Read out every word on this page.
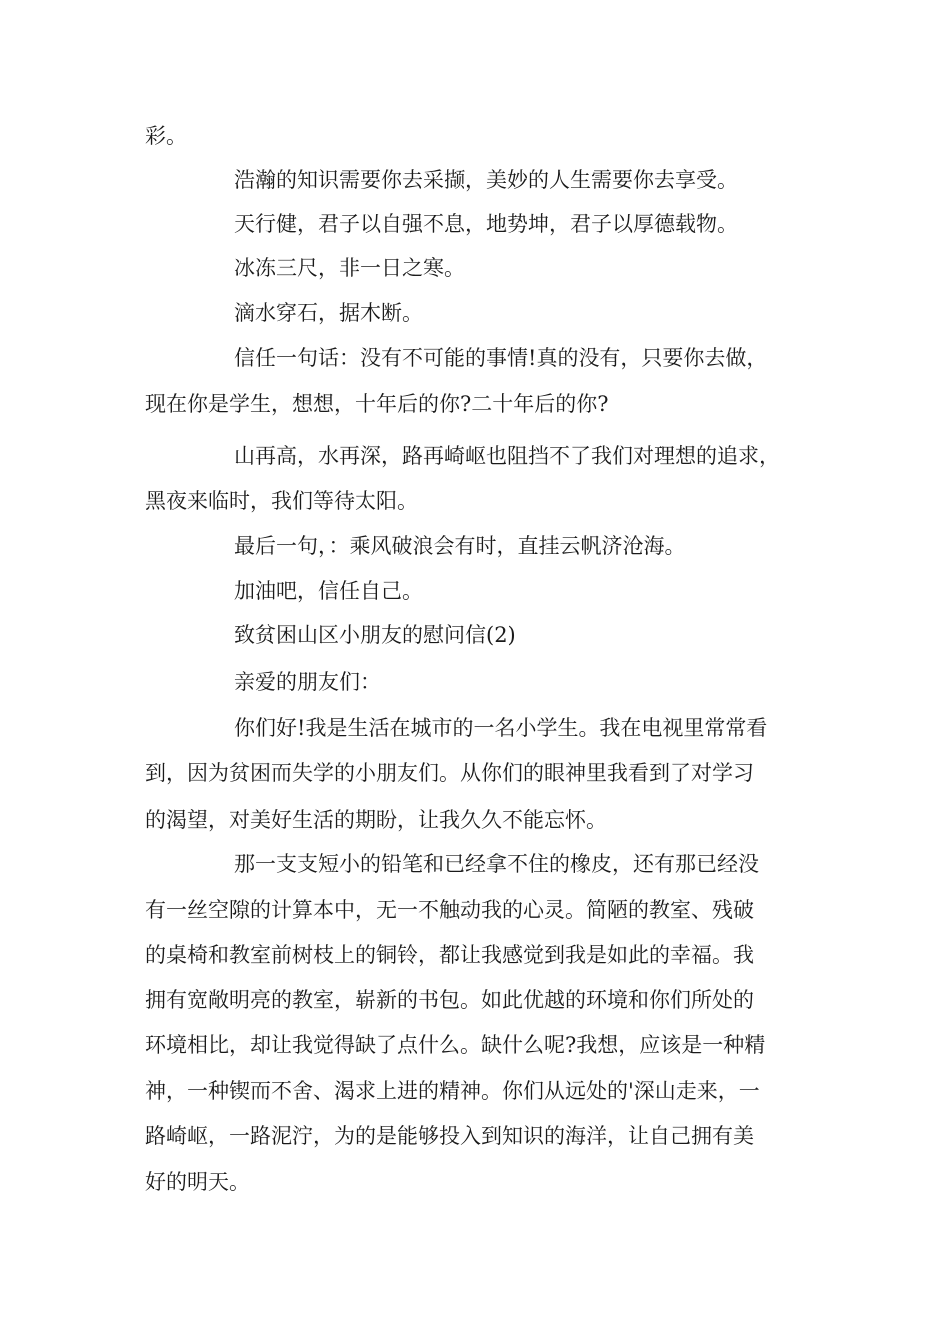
彩。

浩瀚的知识需要你去采撷，美妙的人生需要你去享受。

天行健，君子以自强不息，地势坤，君子以厚德载物。

冰冻三尺，非一日之寒。

滴水穿石，据木断。

信任一句话：没有不可能的事情!真的没有，只要你去做，

现在你是学生，想想，十年后的你?二十年后的你?

山再高，水再深，路再崎岖也阻挡不了我们对理想的追求，

黑夜来临时，我们等待太阳。

最后一句，：乘风破浪会有时，直挂云帆济沧海。

加油吧，信任自己。

致贫困山区小朋友的慰问信(2)

亲爱的朋友们：

你们好!我是生活在城市的一名小学生。我在电视里常常看

到，因为贫困而失学的小朋友们。从你们的眼神里我看到了对学习

的渴望，对美好生活的期盼，让我久久不能忘怀。

那一支支短小的铅笔和已经拿不住的橡皮，还有那已经没

有一丝空隙的计算本中，无一不触动我的心灵。简陋的教室、残破

的桌椅和教室前树枝上的铜铃，都让我感觉到我是如此的幸福。我

拥有宽敞明亮的教室，崭新的书包。如此优越的环境和你们所处的

环境相比，却让我觉得缺了点什么。缺什么呢?我想，应该是一种精

神，一种锲而不舍、渴求上进的精神。你们从远处的'深山走来，一

路崎岖，一路泥泞，为的是能够投入到知识的海洋，让自己拥有美

好的明天。
